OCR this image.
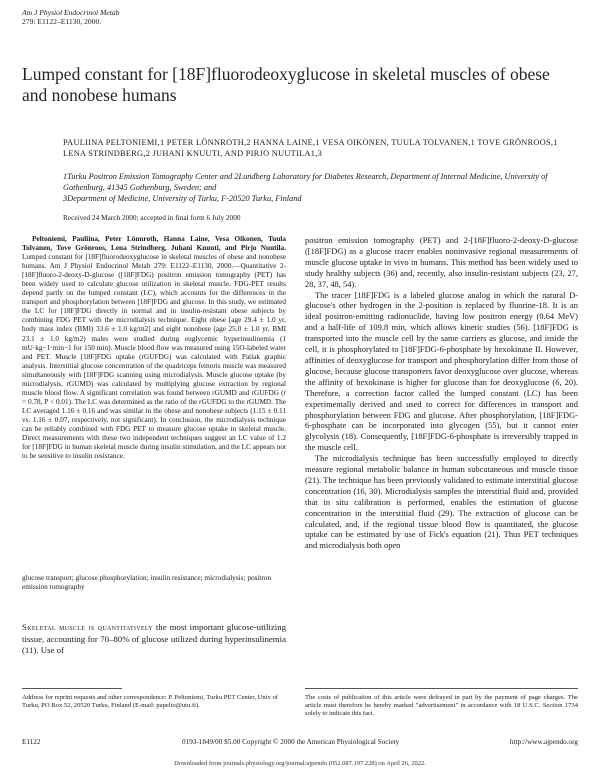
Am J Physiol Endocrinol Metab
279: E1122–E1130, 2000.
Lumped constant for [18F]fluorodeoxyglucose in skeletal muscles of obese and nonobese humans
PAULIINA PELTONIEMI,1 PETER LÖNNROTH,2 HANNA LAINE,1 VESA OIKONEN, TUULA TOLVANEN,1 TOVE GRÖNROOS,1 LENA STRINDBERG,2 JUHANI KNUUTI, AND PIRJO NUUTILA1,3
1Turku Positron Emission Tomography Center and 2Lundberg Laboratory for Diabetes Research, Department of Internal Medicine, University of Gothenburg, 41345 Gothenburg, Sweden; and
3Department of Medicine, University of Turku, F-20520 Turku, Finland
Received 24 March 2000; accepted in final form 6 July 2000

Peltoniemi, Pauliina, Peter Lönnroth, Hanna Laine, Vesa Oikonen, Tuula Tolvanen, Tove Grönroos, Lena Strindberg, Juhani Knuuti, and Pirjo Nuutila. Lumped constant for [18F]fluorodeoxyglucose in skeletal muscles of obese and nonobese humans. Am J Physiol Endocrinol Metab 279: E1122–E1130, 2000.—Quantitative 2-[18F]fluoro-2-deoxy-D-glucose ([18F]FDG) positron emission tomography (PET) has been widely used to calculate glucose utilization in skeletal muscle. FDG-PET results depend partly on the lumped constant (LC), which accounts for the differences in the transport and phosphorylation between [18F]FDG and glucose. In this study, we estimated the LC for [18F]FDG directly in normal and in insulin-resistant obese subjects by combining FDG PET with the microdialysis technique. Eight obese [age 29.4 ± 1.0 yr, body mass index (BMI) 33.6 ± 1.0 kg/m2] and eight nonobese (age 25.0 ± 1.0 yr, BMI 23.1 ± 1.0 kg/m2) males were studied during euglycemic hyperinsulinemia (1 mU·kg−1·min−1 for 150 min). Muscle blood flow was measured using 15O-labeled water and PET. Muscle [18F]FDG uptake (rGUFDG) was calculated with Patlak graphic analysis. Interstitial glucose concentration of the quadriceps femoris muscle was measured simultaneously with [18F]FDG scanning using microdialysis. Muscle glucose uptake (by microdialysis, rGUMD) was calculated by multiplying glucose extraction by regional muscle blood flow. A significant correlation was found between rGUMD and rGUFDG (r = 0.78, P < 0.01). The LC was determined as the ratio of the rGUFDG to the rGUMD. The LC averaged 1.16 ± 0.16 and was similar in the obese and nonobese subjects (1.15 ± 0.11 vs. 1.16 ± 0.07, respectively, not significant). In conclusion, the microdialysis technique can be reliably combined with FDG PET to measure glucose uptake in skeletal muscle. Direct measurements with these two independent techniques suggest an LC value of 1.2 for [18F]FDG in human skeletal muscle during insulin stimulation, and the LC appears not to be sensitive to insulin resistance.

glucose transport; glucose phosphorylation; insulin resistance; microdialysis; positron emission tomography
Skeletal muscle is quantitatively the most important glucose-utilizing tissue, accounting for 70–80% of glucose utilized during hyperinsulinemia (11). Use of

positron emission tomography (PET) and 2-[18F]fluoro-2-deoxy-D-glucose ([18F]FDG) as a glucose tracer enables noninvasive regional measurements of muscle glucose uptake in vivo in humans. This method has been widely used to study healthy subjects (36) and, recently, also insulin-resistant subjects (23, 27, 28, 37, 48, 54).

The tracer [18F]FDG is a labeled glucose analog in which the natural D-glucose's other hydrogen in the 2-position is replaced by fluorine-18. It is an ideal positron-emitting radionuclide, having low positron energy (0.64 MeV) and a half-life of 109.8 min, which allows kinetic studies (56). [18F]FDG is transported into the muscle cell by the same carriers as glucose, and inside the cell, it is phosphorylated to [18F]FDG-6-phosphate by hexokinase II. However, affinities of deoxyglucose for transport and phosphorylation differ from those of glucose, because glucose transporters favor deoxyglucose over glucose, whereas the affinity of hexokinase is higher for glucose than for deoxyglucose (6, 20). Therefore, a correction factor called the lumped constant (LC) has been experimentally derived and used to correct for differences in transport and phosphorylation between FDG and glucose. After phosphorylation, [18F]FDG-6-phosphate can be incorporated into glycogen (55), but it cannot enter glycolysis (18). Consequently, [18F]FDG-6-phosphate is irreversibly trapped in the muscle cell.

The microdialysis technique has been successfully employed to directly measure regional metabolic balance in human subcutaneous and muscle tissue (21). The technique has been previously validated to estimate interstitial glucose concentration (16, 30). Microdialysis samples the interstitial fluid and, provided that in situ calibration is performed, enables the estimation of glucose concentration in the interstitial fluid (29). The extraction of glucose can be calculated, and, if the regional tissue blood flow is quantitated, the glucose uptake can be estimated by use of Fick's equation (21). Thus PET techniques and microdialysis both open

Address for reprint requests and other correspondence: P. Peltoniemi, Turku PET Center, Univ of Turku, PO Box 52, 20520 Turku, Finland (E-mail: papelto@utu.fi).
The costs of publication of this article were defrayed in part by the payment of page charges. The article must therefore be hereby marked "advertisement" in accordance with 18 U.S.C. Section 1734 solely to indicate this fact.
E1122	0193-1849/00 $5.00 Copyright © 2000 the American Physiological Society	http://www.ajpendo.org
Downloaded from journals.physiology.org/journal/ajpendo (052.087.197.228) on April 26, 2022.
